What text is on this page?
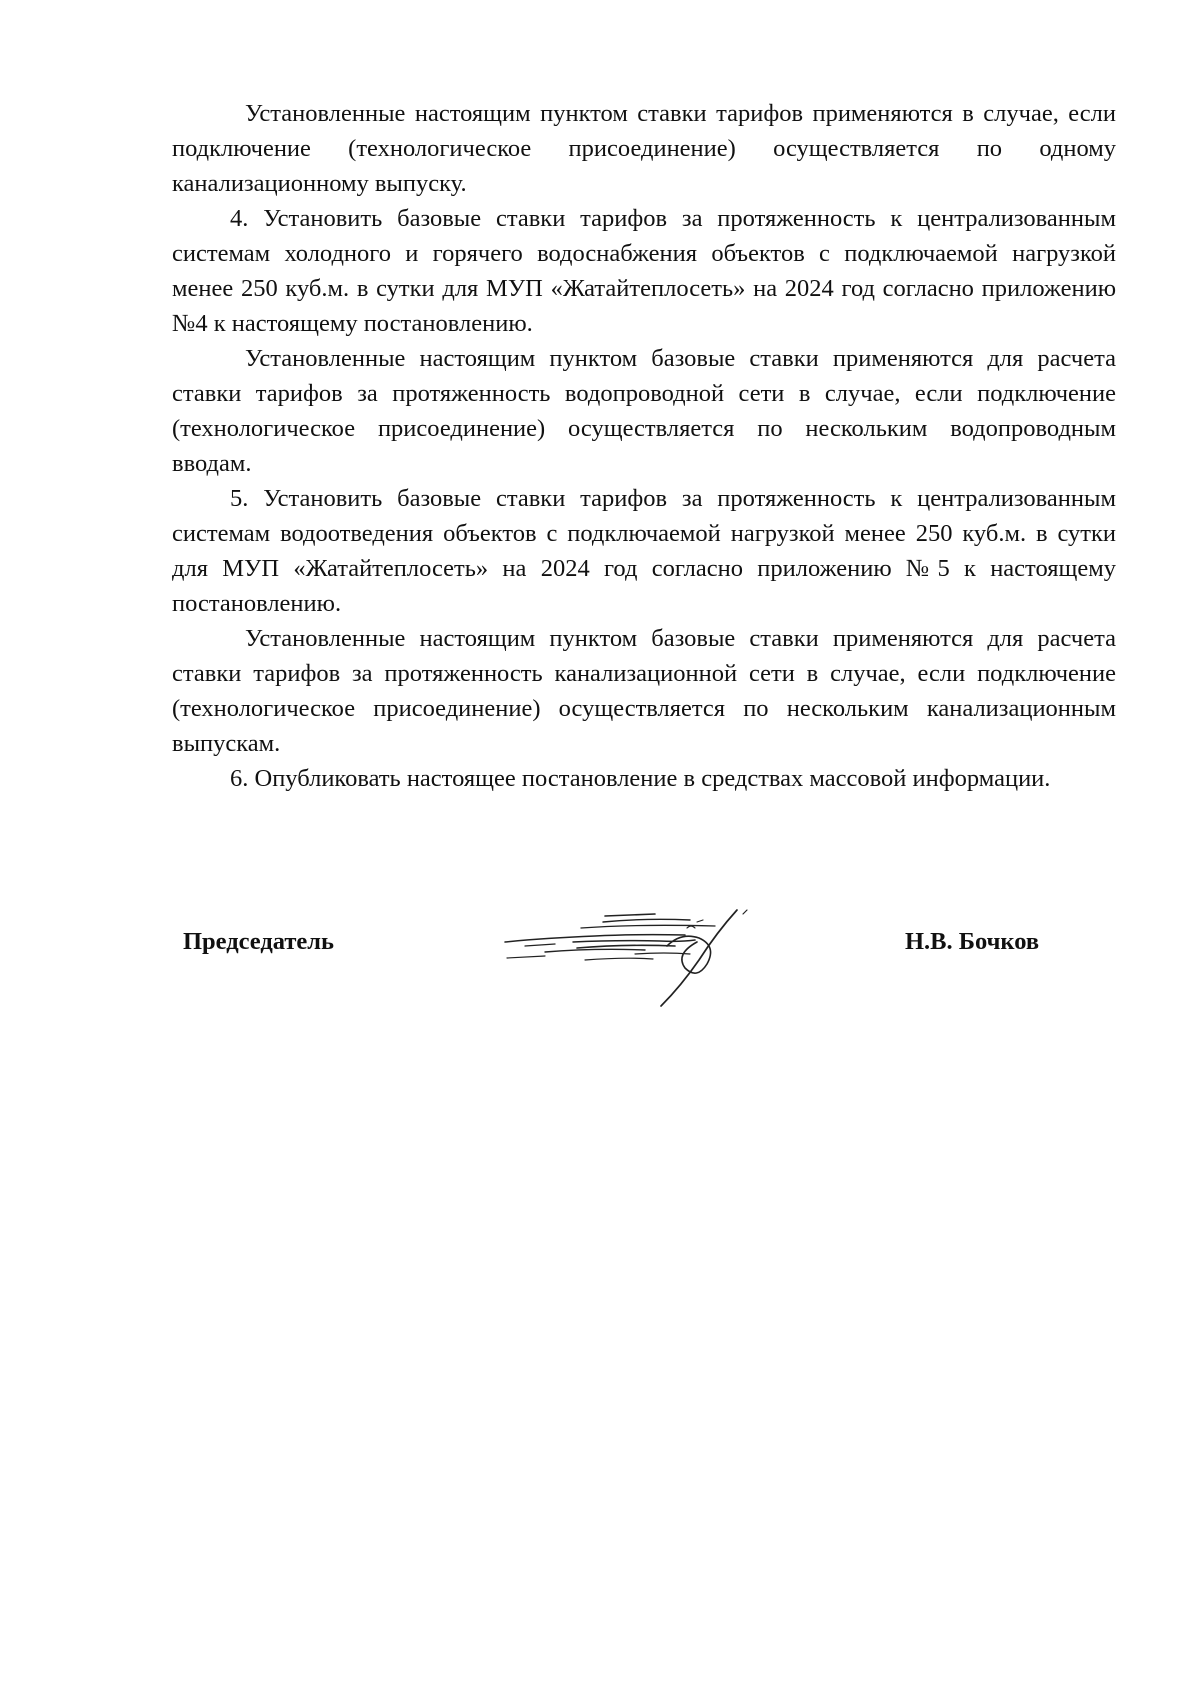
Установленные настоящим пунктом ставки тарифов применяются в случае, если подключение (технологическое присоединение) осуществляется по одному канализационному выпуску.

4. Установить базовые ставки тарифов за протяженность к централизованным системам холодного и горячего водоснабжения объектов с подключаемой нагрузкой менее 250 куб.м. в сутки для МУП «Жатайтеплосеть» на 2024 год согласно приложению №4 к настоящему постановлению.

Установленные настоящим пунктом базовые ставки применяются для расчета ставки тарифов за протяженность водопроводной сети в случае, если подключение (технологическое присоединение) осуществляется по нескольким водопроводным вводам.

5. Установить базовые ставки тарифов за протяженность к централизованным системам водоотведения объектов с подключаемой нагрузкой менее 250 куб.м. в сутки для МУП «Жатайтеплосеть» на 2024 год согласно приложению №5 к настоящему постановлению.

Установленные настоящим пунктом базовые ставки применяются для расчета ставки тарифов за протяженность канализационной сети в случае, если подключение (технологическое присоединение) осуществляется по нескольким канализационным выпускам.

6. Опубликовать настоящее постановление в средствах массовой информации.

Председатель	Н.В. Бочков
